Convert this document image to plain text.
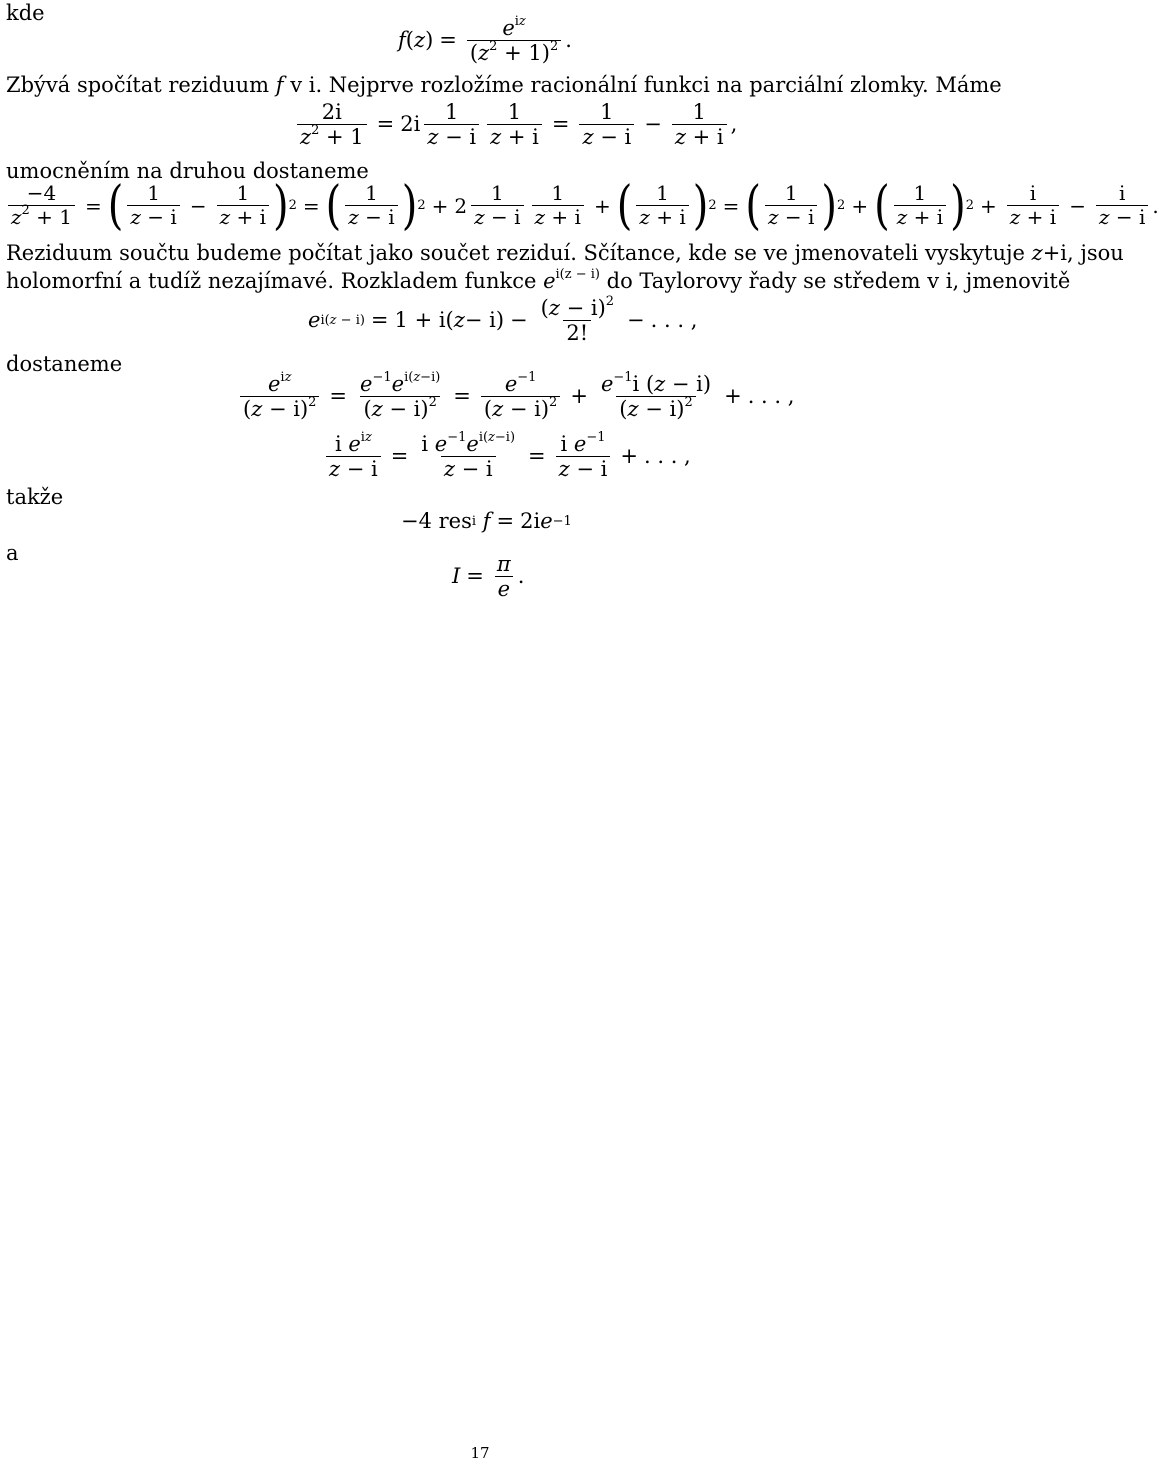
kde
f ( z ) = $\frac{e^{iz}}{(z^2 + 1)^2}$ .
Zbývá spočítat reziduum f v i. Nejprve rozložíme racionální funkci na parciální zlomky. Máme
$\frac{2i}{z^2 + 1} = 2i \frac{1}{z - i} \frac{1}{z + i} = \frac{1}{z - i} - \frac{1}{z + i}$ ,
umocněním na druhou dostaneme
$\frac{-4}{z^2 + 1}$ = ( $\frac{1}{z - i} - \frac{1}{z + i}$ ) 2 = ( $\frac{1}{z - i}$ ) $2 + 2 \frac{1}{z - i} \frac{1}{z + i}$ + ( $\frac{1}{z + i}$ ) 2 = ( $\frac{1}{z - i}$ ) 2 + ( $\frac{1}{z + i}$ ) $2 + \frac{i}{z + i} - \frac{i}{z - i}$ .
Reziduum součtu budeme počítat jako součet reziduí. Sčítance, kde se ve jmenovateli vyskytuje z+i, jsou
holomorfní a tudíž nezajímavé. Rozkladem funkce $e^{i(z - i)}$ do Taylorovy řady se středem v i, jmenovitě
e i(z − i) = 1 + i( $z - i) - \frac{(z - i)^2}{2!}$ − . . . ,
dostaneme
$\frac{e^{iz}}{(z - i)^2} = \frac{e^{-1}e^{i(z-i)}}{(z - i)^2} = \frac{e^{-1}}{(z - i)^2} + \frac{e^{-1}i (z - i)}{(z - i)^2}$ + . . . ,
$\frac{i e^{iz}}{z - i} = \frac{i e^{-1}e^{i(z-i)}}{z - i} = \frac{i e^{-1}}{z - i}$ + . . . ,
takže
−4 res i
f = 2i e −1
a
$I = \frac{\pi}{e}$ .
17
